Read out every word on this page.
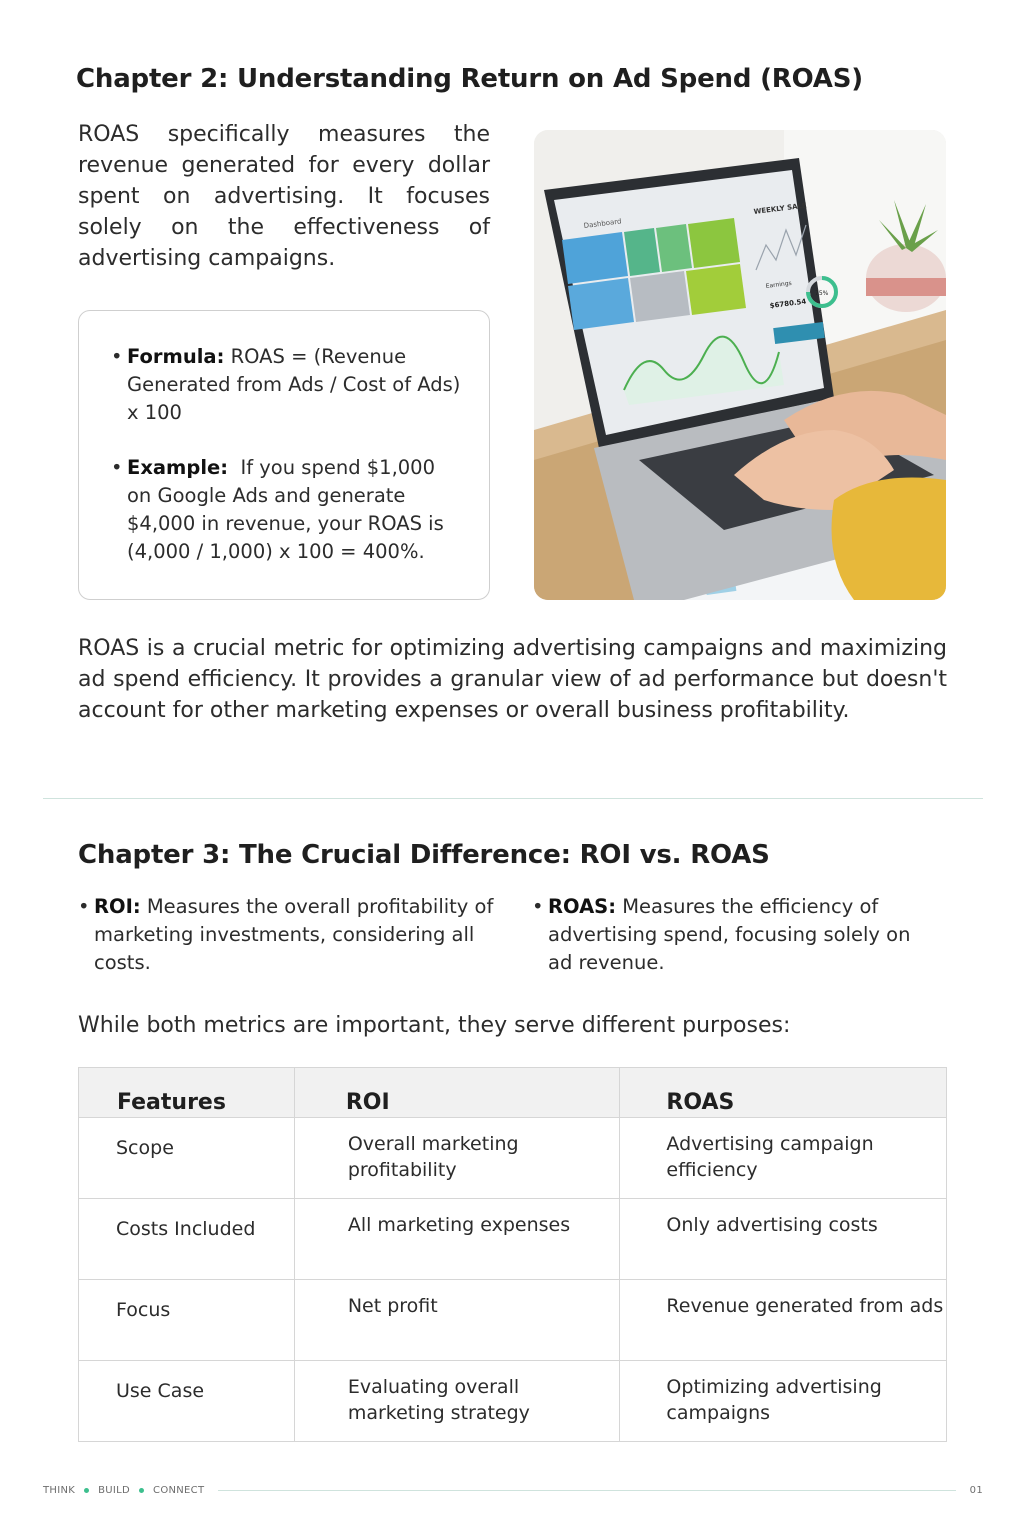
Chapter 2: Understanding Return on Ad Spend (ROAS)

ROAS specifically measures the revenue generated for every dollar spent on advertising. It focuses solely on the effectiveness of advertising campaigns.

• Formula: ROAS = (Revenue Generated from Ads / Cost of Ads) x 100
• Example: If you spend $1,000 on Google Ads and generate $4,000 in revenue, your ROAS is (4,000 / 1,000) x 100 = 400%.
Dashboard
WEEKLY SALE
Earnings
$6780.54
75%

ROAS is a crucial metric for optimizing advertising campaigns and maximizing ad spend efficiency. It provides a granular view of ad performance but doesn't account for other marketing expenses or overall business profitability.

Chapter 3: The Crucial Difference: ROI vs. ROAS
• ROI: Measures the overall profitability of marketing investments, considering all costs.
• ROAS: Measures the efficiency of advertising spend, focusing solely on ad revenue.

While both metrics are important, they serve different purposes:

Features	ROI	ROAS
Scope	Overall marketing profitability	Advertising campaign efficiency
Costs Included	All marketing expenses	Only advertising costs
Focus	Net profit	Revenue generated from ads
Use Case	Evaluating overall marketing strategy	Optimizing advertising campaigns
THINK BUILD CONNECT	01
